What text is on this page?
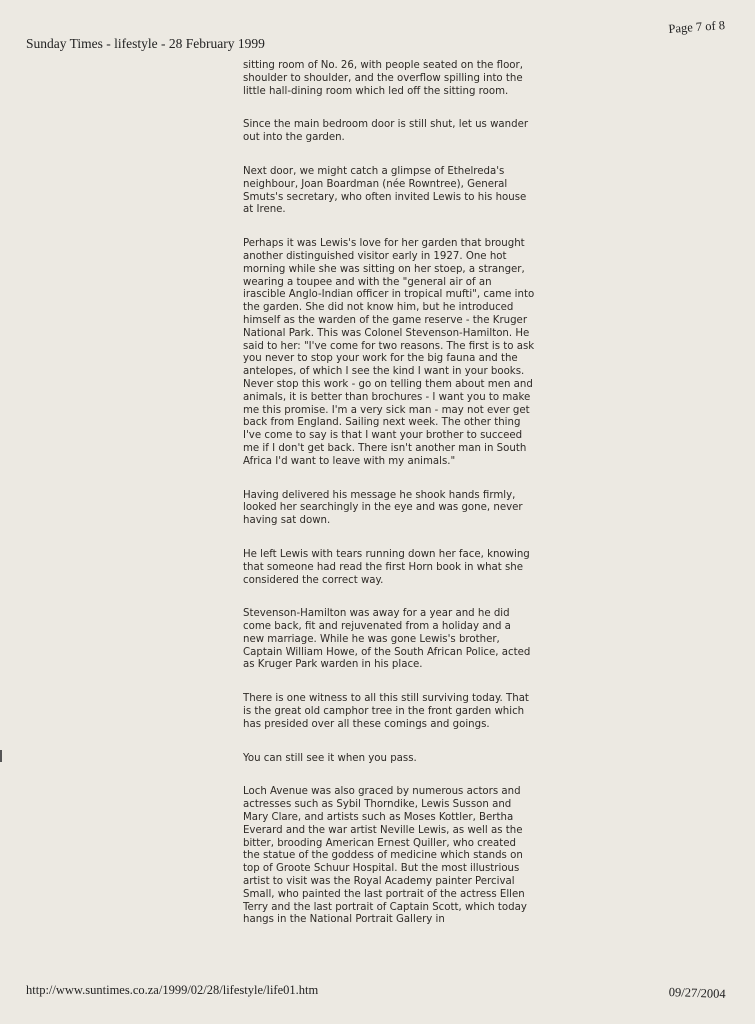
Sunday Times - lifestyle - 28 February 1999
Page 7 of 8

sitting room of No. 26, with people seated on the floor, shoulder to shoulder, and the overflow spilling into the little hall-dining room which led off the sitting room.

Since the main bedroom door is still shut, let us wander out into the garden.

Next door, we might catch a glimpse of Ethelreda's neighbour, Joan Boardman (née Rowntree), General Smuts's secretary, who often invited Lewis to his house at Irene.

Perhaps it was Lewis's love for her garden that brought another distinguished visitor early in 1927. One hot morning while she was sitting on her stoep, a stranger, wearing a toupee and with the "general air of an irascible Anglo-Indian officer in tropical mufti", came into the garden. She did not know him, but he introduced himself as the warden of the game reserve - the Kruger National Park. This was Colonel Stevenson-Hamilton. He said to her: "I've come for two reasons. The first is to ask you never to stop your work for the big fauna and the antelopes, of which I see the kind I want in your books. Never stop this work - go on telling them about men and animals, it is better than brochures - I want you to make me this promise. I'm a very sick man - may not ever get back from England. Sailing next week. The other thing I've come to say is that I want your brother to succeed me if I don't get back. There isn't another man in South Africa I'd want to leave with my animals."

Having delivered his message he shook hands firmly, looked her searchingly in the eye and was gone, never having sat down.

He left Lewis with tears running down her face, knowing that someone had read the first Horn book in what she considered the correct way.

Stevenson-Hamilton was away for a year and he did come back, fit and rejuvenated from a holiday and a new marriage. While he was gone Lewis's brother, Captain William Howe, of the South African Police, acted as Kruger Park warden in his place.

There is one witness to all this still surviving today. That is the great old camphor tree in the front garden which has presided over all these comings and goings.

You can still see it when you pass.

Loch Avenue was also graced by numerous actors and actresses such as Sybil Thorndike, Lewis Susson and Mary Clare, and artists such as Moses Kottler, Bertha Everard and the war artist Neville Lewis, as well as the bitter, brooding American Ernest Quiller, who created the statue of the goddess of medicine which stands on top of Groote Schuur Hospital. But the most illustrious artist to visit was the Royal Academy painter Percival Small, who painted the last portrait of the actress Ellen Terry and the last portrait of Captain Scott, which today hangs in the National Portrait Gallery in

http://www.suntimes.co.za/1999/02/28/lifestyle/life01.htm	09/27/2004
